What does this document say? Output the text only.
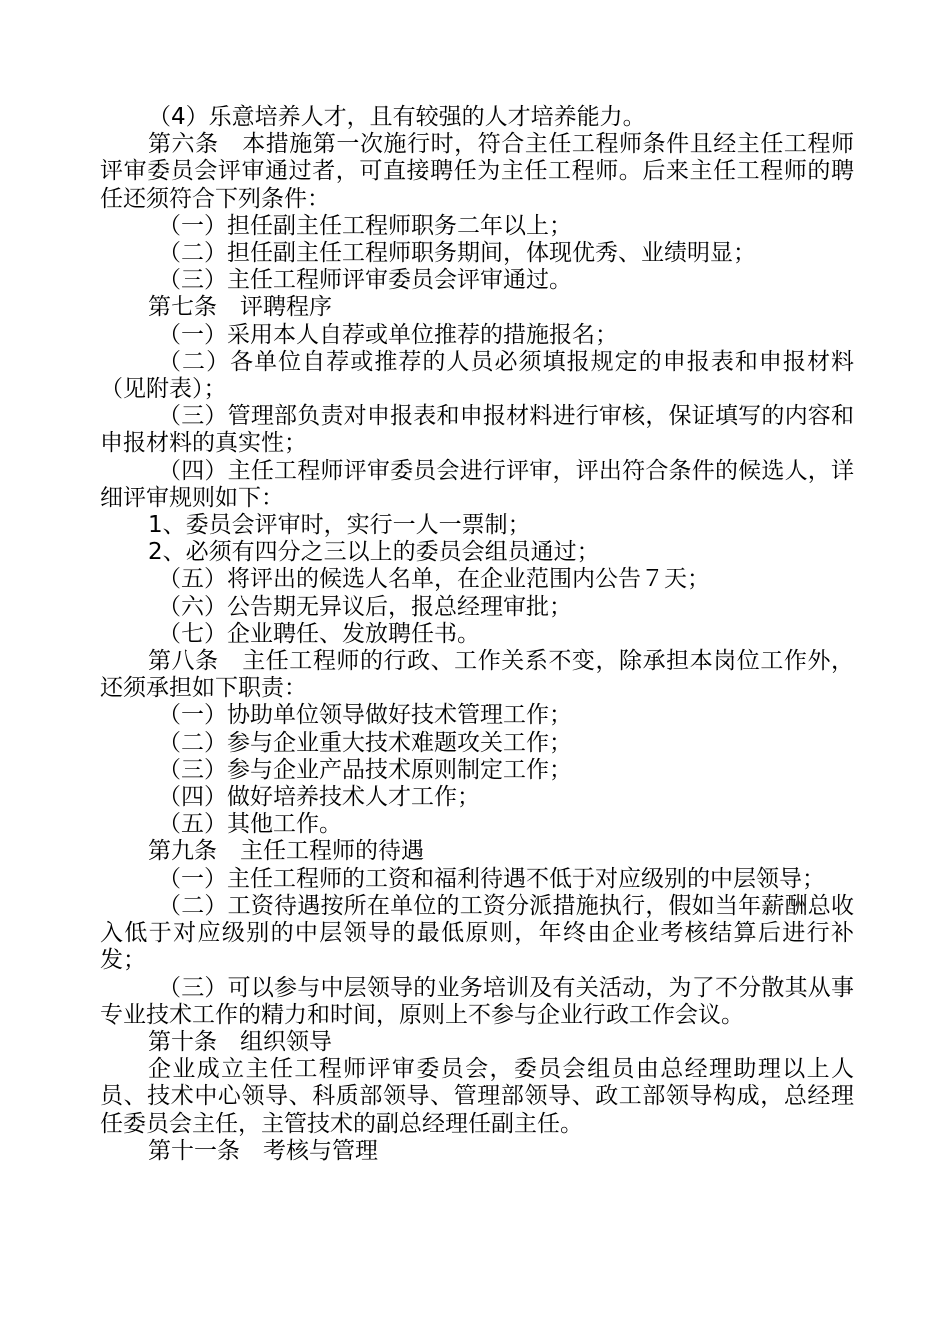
（4）乐意培养人才，且有较强的人才培养能力。

第六条　本措施第一次施行时，符合主任工程师条件且经主任工程师评审委员会评审通过者，可直接聘任为主任工程师。后来主任工程师的聘任还须符合下列条件：

（一）担任副主任工程师职务二年以上；

（二）担任副主任工程师职务期间，体现优秀、业绩明显；

（三）主任工程师评审委员会评审通过。

第七条　评聘程序

（一）采用本人自荐或单位推荐的措施报名；

（二）各单位自荐或推荐的人员必须填报规定的申报表和申报材料（见附表）；

（三）管理部负责对申报表和申报材料进行审核，保证填写的内容和申报材料的真实性；

（四）主任工程师评审委员会进行评审，评出符合条件的候选人，详细评审规则如下：

1、委员会评审时，实行一人一票制；

2、必须有四分之三以上的委员会组员通过；

（五）将评出的候选人名单，在企业范围内公告７天；

（六）公告期无异议后，报总经理审批；

（七）企业聘任、发放聘任书。

第八条　主任工程师的行政、工作关系不变，除承担本岗位工作外，还须承担如下职责：

（一）协助单位领导做好技术管理工作；

（二）参与企业重大技术难题攻关工作；

（三）参与企业产品技术原则制定工作；

（四）做好培养技术人才工作；

（五）其他工作。

第九条　主任工程师的待遇

（一）主任工程师的工资和福利待遇不低于对应级别的中层领导；

（二）工资待遇按所在单位的工资分派措施执行，假如当年薪酬总收入低于对应级别的中层领导的最低原则，年终由企业考核结算后进行补发；

（三）可以参与中层领导的业务培训及有关活动，为了不分散其从事专业技术工作的精力和时间，原则上不参与企业行政工作会议。

第十条　组织领导

企业成立主任工程师评审委员会，委员会组员由总经理助理以上人员、技术中心领导、科质部领导、管理部领导、政工部领导构成，总经理任委员会主任，主管技术的副总经理任副主任。

第十一条　考核与管理
